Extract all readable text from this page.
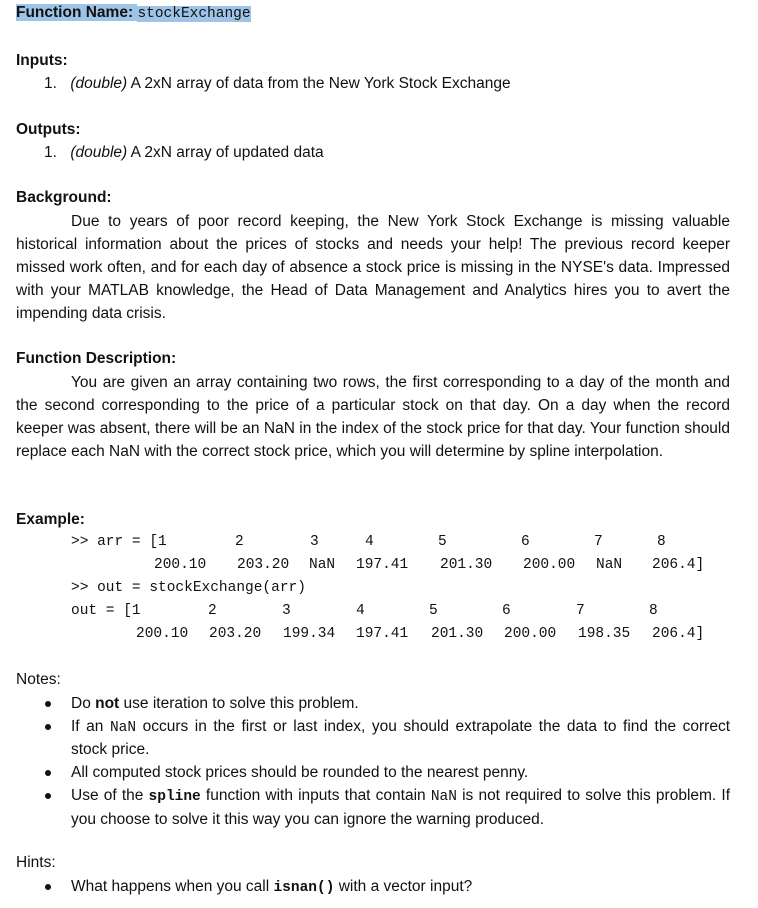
Function Name: stockExchange
Inputs:
1. (double) A 2xN array of data from the New York Stock Exchange
Outputs:
1. (double) A 2xN array of updated data
Background:

Due to years of poor record keeping, the New York Stock Exchange is missing valuable historical information about the prices of stocks and needs your help! The previous record keeper missed work often, and for each day of absence a stock price is missing in the NYSE's data. Impressed with your MATLAB knowledge, the Head of Data Management and Analytics hires you to avert the impending data crisis.

Function Description:

You are given an array containing two rows, the first corresponding to a day of the month and the second corresponding to the price of a particular stock on that day. On a day when the record keeper was absent, there will be an NaN in the index of the stock price for that day. Your function should replace each NaN with the correct stock price, which you will determine by spline interpolation.

Example:
>> arr = [1	2	3	4	5	6	7	8
200.10 203.20 NaN 197.41 201.30 200.00 NaN 206.4]
>> out = stockExchange(arr)
out = [1	2	3	4	5	6	7	8
200.10 203.20 199.34 197.41 201.30 200.00 198.35 206.4]
Notes:
Do not use iteration to solve this problem.
If an NaN occurs in the first or last index, you should extrapolate the data to find the correct stock price.
All computed stock prices should be rounded to the nearest penny.
Use of the spline function with inputs that contain NaN is not required to solve this problem. If you choose to solve it this way you can ignore the warning produced.
Hints:
What happens when you call isnan() with a vector input?
